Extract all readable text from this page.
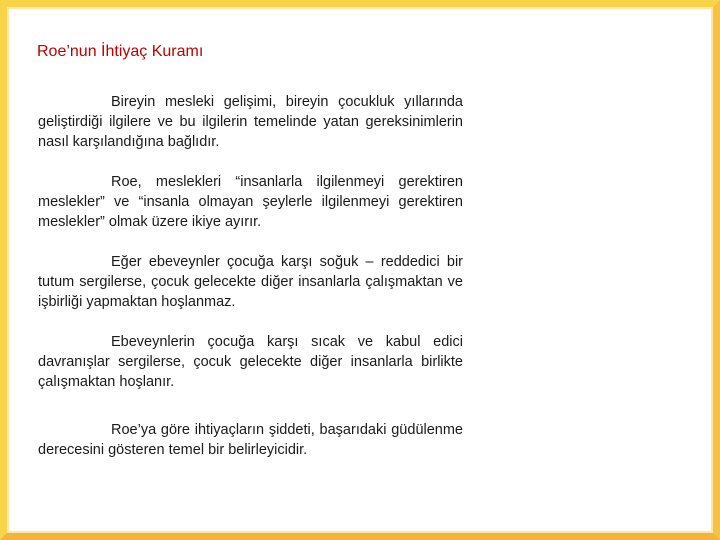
Roe’nun İhtiyaç Kuramı

Bireyin mesleki gelişimi, bireyin çocukluk yıllarında geliştirdiği ilgilere ve bu ilgilerin temelinde yatan gereksinimlerin nasıl karşılandığına bağlıdır.

Roe, meslekleri “insanlarla ilgilenmeyi gerektiren meslekler” ve “insanla olmayan şeylerle ilgilenmeyi gerektiren meslekler” olmak üzere ikiye ayırır.

Eğer ebeveynler çocuğa karşı soğuk – reddedici bir tutum sergilerse, çocuk gelecekte diğer insanlarla çalışmaktan ve işbirliği yapmaktan hoşlanmaz.

Ebeveynlerin çocuğa karşı sıcak ve kabul edici davranışlar sergilerse, çocuk gelecekte diğer insanlarla birlikte çalışmaktan hoşlanır.

Roe’ya göre ihtiyaçların şiddeti, başarıdaki güdülenme derecesini gösteren temel bir belirleyicidir.
